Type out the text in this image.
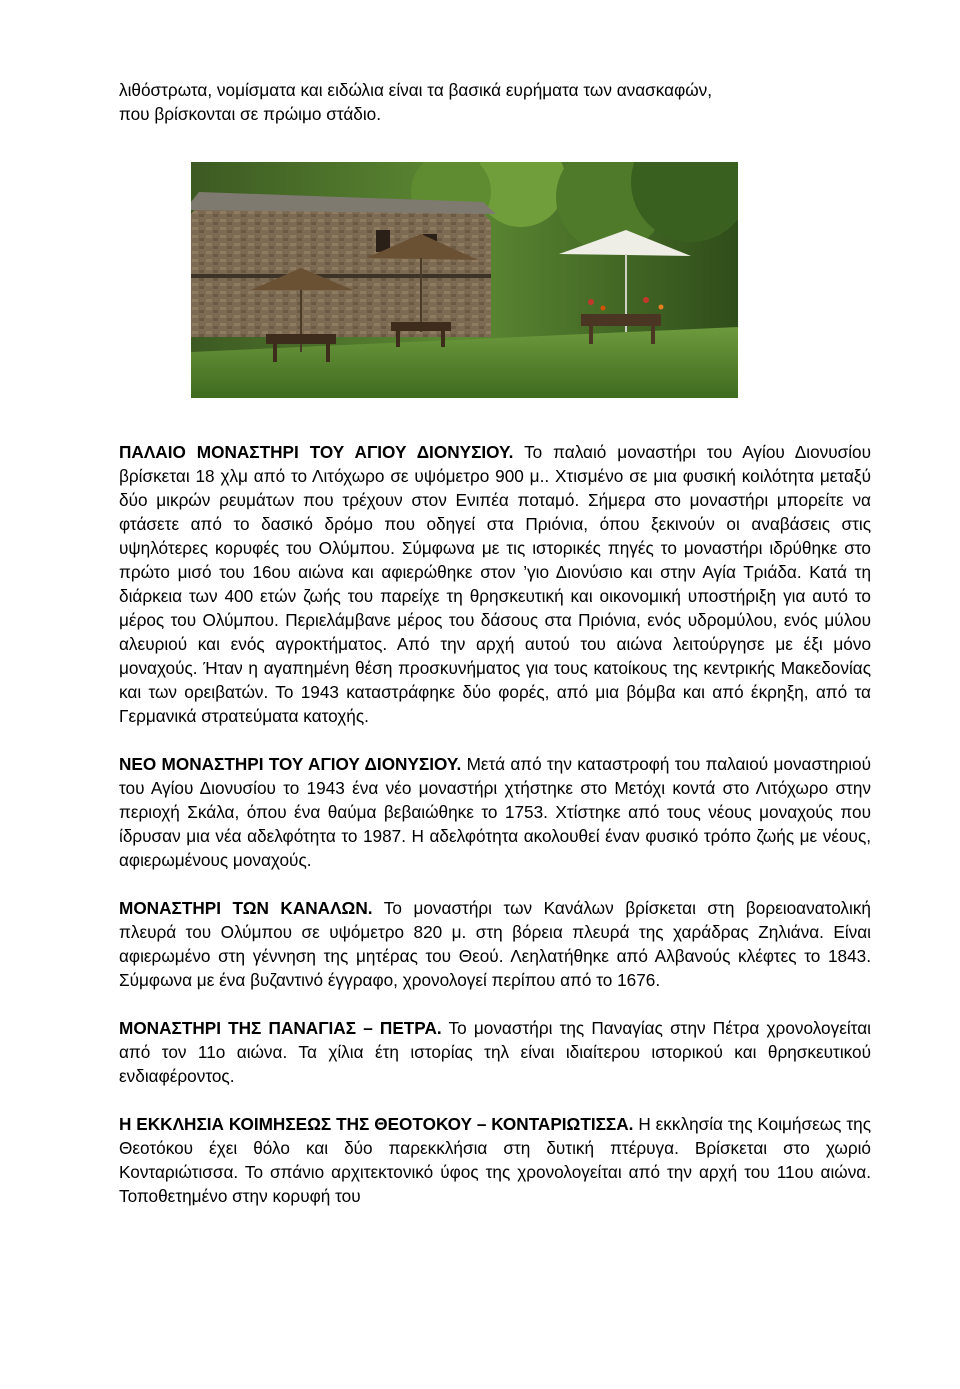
λιθόστρωτα, νομίσματα και ειδώλια είναι τα βασικά ευρήματα των ανασκαφών,
που βρίσκονται σε πρώιμο στάδιο.

ΠΑΛΑΙΟ ΜΟΝΑΣΤΗΡΙ ΤΟΥ ΑΓΙΟΥ ΔΙΟΝΥΣΙΟΥ. Το παλαιό μοναστήρι του Αγίου Διονυσίου βρίσκεται 18 χλμ από το Λιτόχωρο σε υψόμετρο 900 μ.. Χτισμένο σε μια φυσική κοιλότητα μεταξύ δύο μικρών ρευμάτων που τρέχουν στον Ενιπέα ποταμό. Σήμερα στο μοναστήρι μπορείτε να φτάσετε από το δασικό δρόμο που οδηγεί στα Πριόνια, όπου ξεκινούν οι αναβάσεις στις υψηλότερες κορυφές του Ολύμπου. Σύμφωνα με τις ιστορικές πηγές το μοναστήρι ιδρύθηκε στο πρώτο μισό του 16ου αιώνα και αφιερώθηκε στον ’γιο Διονύσιο και στην Αγία Τριάδα. Κατά τη διάρκεια των 400 ετών ζωής του παρείχε τη θρησκευτική και οικονομική υποστήριξη για αυτό το μέρος του Ολύμπου. Περιελάμβανε μέρος του δάσους στα Πριόνια, ενός υδρομύλου, ενός μύλου αλευριού και ενός αγροκτήματος. Από την αρχή αυτού του αιώνα λειτούργησε με έξι μόνο μοναχούς. Ήταν η αγαπημένη θέση προσκυνήματος για τους κατοίκους της κεντρικής Μακεδονίας και των ορειβατών. Το 1943 καταστράφηκε δύο φορές, από μια βόμβα και από έκρηξη, από τα Γερμανικά στρατεύματα κατοχής.

ΝΕΟ ΜΟΝΑΣΤΗΡΙ ΤΟΥ ΑΓΙΟΥ ΔΙΟΝΥΣΙΟΥ. Μετά από την καταστροφή του παλαιού μοναστηριού του Αγίου Διονυσίου το 1943 ένα νέο μοναστήρι χτήστηκε στο Μετόχι κοντά στο Λιτόχωρο στην περιοχή Σκάλα, όπου ένα θαύμα βεβαιώθηκε το 1753. Χτίστηκε από τους νέους μοναχούς που ίδρυσαν μια νέα αδελφότητα το 1987. Η αδελφότητα ακολουθεί έναν φυσικό τρόπο ζωής με νέους, αφιερωμένους μοναχούς.

ΜΟΝΑΣΤΗΡΙ ΤΩΝ ΚΑΝΑΛΩΝ. Το μοναστήρι των Κανάλων βρίσκεται στη βορειοανατολική πλευρά του Ολύμπου σε υψόμετρο 820 μ. στη βόρεια πλευρά της χαράδρας Ζηλιάνα. Είναι αφιερωμένο στη γέννηση της μητέρας του Θεού. Λεηλατήθηκε από Αλβανούς κλέφτες το 1843. Σύμφωνα με ένα βυζαντινό έγγραφο, χρονολογεί περίπου από το 1676.

ΜΟΝΑΣΤΗΡΙ ΤΗΣ ΠΑΝΑΓΙΑΣ – ΠΕΤΡΑ. Το μοναστήρι της Παναγίας στην Πέτρα χρονολογείται από τον 11ο αιώνα. Τα χίλια έτη ιστορίας τηλ είναι ιδιαίτερου ιστορικού και θρησκευτικού ενδιαφέροντος.

Η ΕΚΚΛΗΣΙΑ ΚΟΙΜΗΣΕΩΣ ΤΗΣ ΘΕΟΤΟΚΟΥ – ΚΟΝΤΑΡΙΩΤΙΣΣΑ. Η εκκλησία της Κοιμήσεως της Θεοτόκου έχει θόλο και δύο παρεκκλήσια στη δυτική πτέρυγα. Βρίσκεται στο χωριό Κονταριώτισσα. Το σπάνιο αρχιτεκτονικό ύφος της χρονολογείται από την αρχή του 11ου αιώνα. Τοποθετημένο στην κορυφή του
